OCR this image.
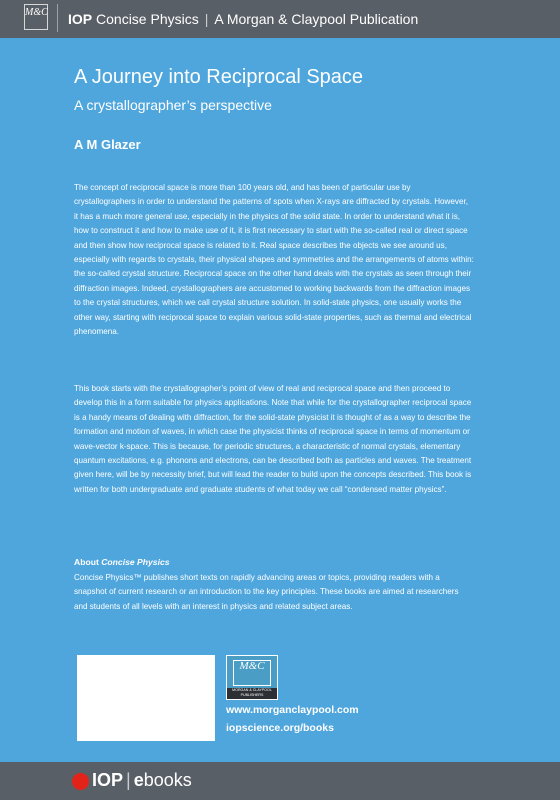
M&C IOP Concise Physics | A Morgan & Claypool Publication
A Journey into Reciprocal Space
A crystallographer’s perspective
A M Glazer

The concept of reciprocal space is more than 100 years old, and has been of particular use by crystallographers in order to understand the patterns of spots when X-rays are diffracted by crystals. However, it has a much more general use, especially in the physics of the solid state. In order to understand what it is, how to construct it and how to make use of it, it is first necessary to start with the so-called real or direct space and then show how reciprocal space is related to it. Real space describes the objects we see around us, especially with regards to crystals, their physical shapes and symmetries and the arrangements of atoms within: the so-called crystal structure. Reciprocal space on the other hand deals with the crystals as seen through their diffraction images. Indeed, crystallographers are accustomed to working backwards from the diffraction images to the crystal structures, which we call crystal structure solution. In solid-state physics, one usually works the other way, starting with reciprocal space to explain various solid-state properties, such as thermal and electrical phenomena.

This book starts with the crystallographer’s point of view of real and reciprocal space and then proceed to develop this in a form suitable for physics applications. Note that while for the crystallographer reciprocal space is a handy means of dealing with diffraction, for the solid-state physicist it is thought of as a way to describe the formation and motion of waves, in which case the physicist thinks of reciprocal space in terms of momentum or wave-vector k-space. This is because, for periodic structures, a characteristic of normal crystals, elementary quantum excitations, e.g. phonons and electrons, can be described both as particles and waves. The treatment given here, will be by necessity brief, but will lead the reader to build upon the concepts described. This book is written for both undergraduate and graduate students of what today we call “condensed matter physics”.

About Concise Physics

Concise Physics™ publishes short texts on rapidly advancing areas or topics, providing readers with a snapshot of current research or an introduction to the key principles. These books are aimed at researchers and students of all levels with an interest in physics and related subject areas.

M&C
MORGAN & CLAYPOOL PUBLISHERS
www.morganclaypool.com
iopscience.org/books
IOP | ebooks
